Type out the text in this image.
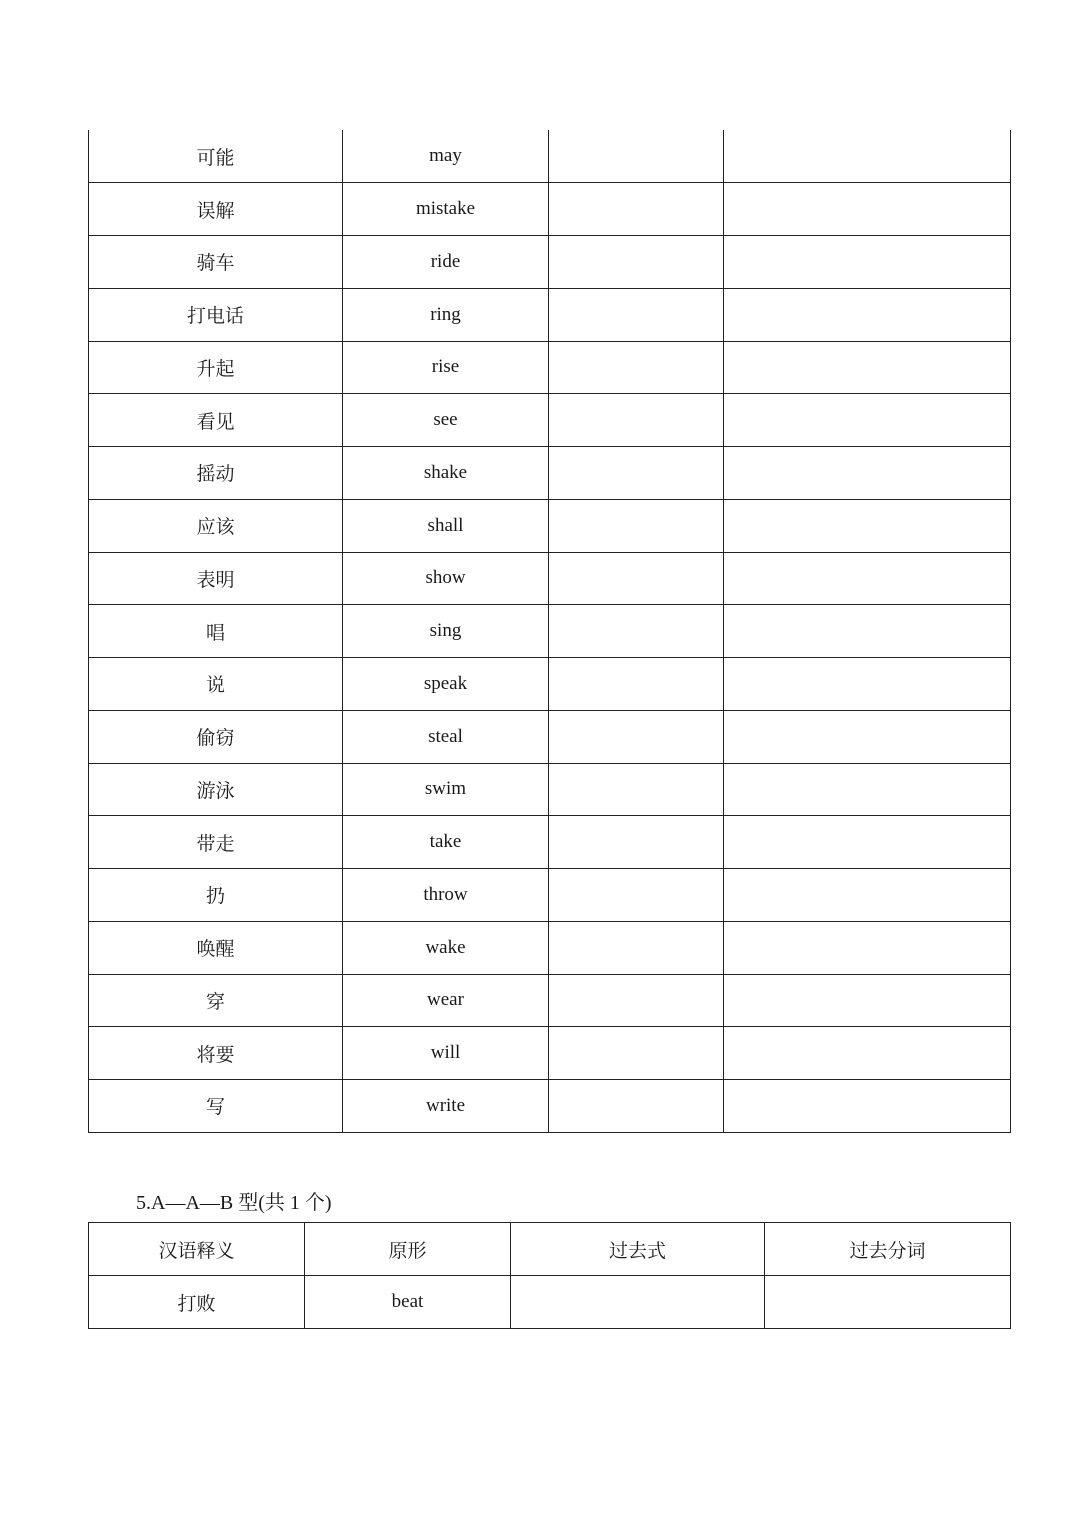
可能	may		
误解	mistake		
骑车	ride		
打电话	ring		
升起	rise		
看见	see		
摇动	shake		
应该	shall		
表明	show		
唱	sing		
说	speak		
偷窃	steal		
游泳	swim		
带走	take		
扔	throw		
唤醒	wake		
穿	wear		
将要	will		
写	write		
5.A—A—B 型(共 1 个)
汉语释义	原形	过去式	过去分词
打败	beat		
